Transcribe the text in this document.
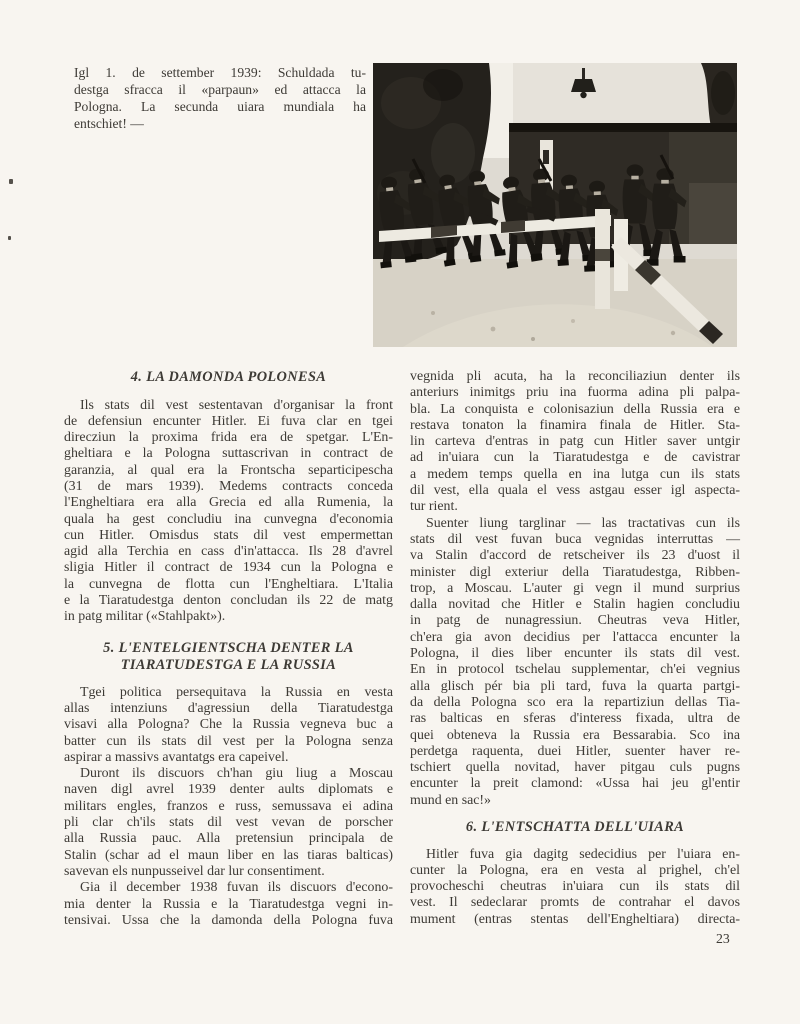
Igl 1. de settember 1939: Schuldada tu-
destga sfracca il «parpaun» ed attacca la
Pologna. La secunda uiara mundiala ha
entschiet! —
4. LA DAMONDA POLONESA
Ils stats dil vest sestentavan d'organisar la front
de defensiun encunter Hitler. Ei fuva clar en tgei
direcziun la proxima frida era de spetgar. L'En-
gheltiara e la Pologna suttascrivan in contract de
garanzia, al qual era la Frontscha separticipescha
(31 de mars 1939). Medems contracts conceda
l'Engheltiara era alla Grecia ed alla Rumenia, la
quala ha gest concludiu ina cunvegna d'economia
cun Hitler. Omisdus stats dil vest empermettan
agid alla Terchia en cass d'in'attacca. Ils 28 d'avrel
sligia Hitler il contract de 1934 cun la Pologna e
la cunvegna de flotta cun l'Engheltiara. L'Italia
e la Tiaratudestga denton concludan ils 22 de matg
in patg militar («Stahlpakt»).
5. L'ENTELGIENTSCHA DENTER LA
TIARATUDESTGA E LA RUSSIA
Tgei politica persequitava la Russia en vesta
allas intenziuns d'agressiun della Tiaratudestga
visavi alla Pologna? Che la Russia vegneva buc a
batter cun ils stats dil vest per la Pologna senza
aspirar a massivs avantatgs era capeivel.
Duront ils discuors ch'han giu liug a Moscau
naven digl avrel 1939 denter aults diplomats e
militars engles, franzos e russ, semussava ei adina
pli clar ch'ils stats dil vest vevan de porscher
alla Russia pauc. Alla pretensiun principala de
Stalin (schar ad el maun liber en las tiaras balticas)
savevan els nunpusseivel dar lur consentiment.
Gia il december 1938 fuvan ils discuors d'econo-
mia denter la Russia e la Tiaratudestga vegni in-
tensivai. Ussa che la damonda della Pologna fuva
vegnida pli acuta, ha la reconciliaziun denter ils
anteriurs inimitgs priu ina fuorma adina pli palpa-
bla. La conquista e colonisaziun della Russia era e
restava tonaton la finamira finala de Hitler. Sta-
lin carteva d'entras in patg cun Hitler saver untgir
ad in'uiara cun la Tiaratudestga e de cavistrar
a medem temps quella en ina lutga cun ils stats
dil vest, ella quala el vess astgau esser igl aspecta-
tur rient.
Suenter liung targlinar — las tractativas cun ils
stats dil vest fuvan buca vegnidas interruttas —
va Stalin d'accord de retscheiver ils 23 d'uost il
minister digl exteriur della Tiaratudestga, Ribben-
trop, a Moscau. L'auter gi vegn il mund surprius
dalla novitad che Hitler e Stalin hagien concludiu
in patg de nunagressiun. Cheutras veva Hitler,
ch'era gia avon decidius per l'attacca encunter la
Pologna, il dies liber encunter ils stats dil vest.
En in protocol tschelau supplementar, ch'ei vegnius
alla glisch pér bia pli tard, fuva la quarta partgi-
da della Pologna sco era la repartiziun dellas Tia-
ras balticas en sferas d'interess fixada, ultra de
quei obteneva la Russia era Bessarabia. Sco ina
perdetga raquenta, duei Hitler, suenter haver re-
tschiert quella novitad, haver pitgau culs pugns
encunter la preit clamond: «Ussa hai jeu gl'entir
mund en sac!»
6. L'ENTSCHATTA DELL'UIARA
Hitler fuva gia dagitg sedecidius per l'uiara en-
cunter la Pologna, era en vesta al prighel, ch'el
provocheschi cheutras in'uiara cun ils stats dil
vest. Il sedeclarar promts de contrahar el davos
mument (entras stentas dell'Engheltiara) directa-
23
